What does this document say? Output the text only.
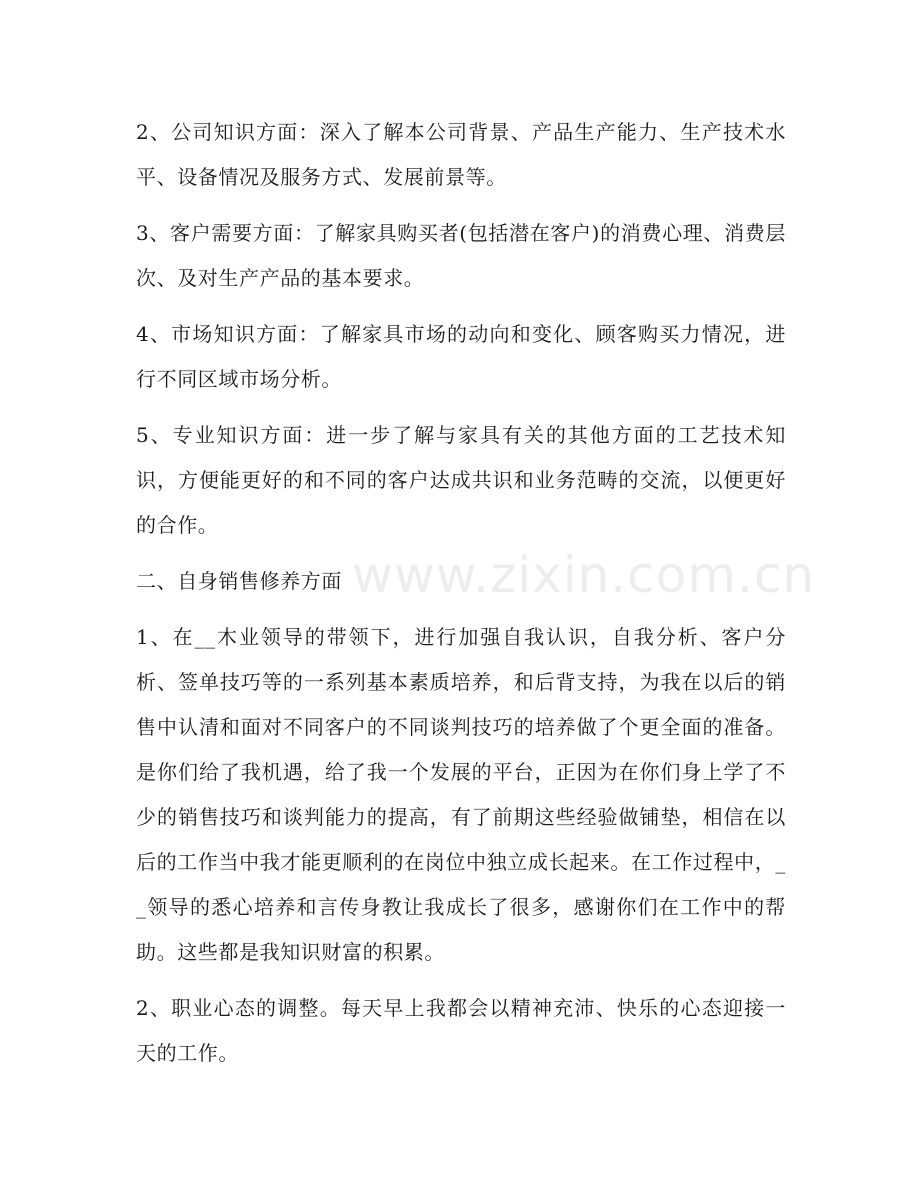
2、公司知识方面：深入了解本公司背景、产品生产能力、生产技术水平、设备情况及服务方式、发展前景等。

3、客户需要方面：了解家具购买者(包括潜在客户)的消费心理、消费层次、及对生产产品的基本要求。

4、市场知识方面：了解家具市场的动向和变化、顾客购买力情况，进行不同区域市场分析。

5、专业知识方面：进一步了解与家具有关的其他方面的工艺技术知识，方便能更好的和不同的客户达成共识和业务范畴的交流，以便更好的合作。

二、自身销售修养方面

1、在__木业领导的带领下，进行加强自我认识，自我分析、客户分析、签单技巧等的一系列基本素质培养，和后背支持，为我在以后的销售中认清和面对不同客户的不同谈判技巧的培养做了个更全面的准备。是你们给了我机遇，给了我一个发展的平台，正因为在你们身上学了不少的销售技巧和谈判能力的提高，有了前期这些经验做铺垫，相信在以后的工作当中我才能更顺利的在岗位中独立成长起来。在工作过程中，__领导的悉心培养和言传身教让我成长了很多，感谢你们在工作中的帮助。这些都是我知识财富的积累。

2、职业心态的调整。每天早上我都会以精神充沛、快乐的心态迎接一天的工作。

www.zixin.com.cn
